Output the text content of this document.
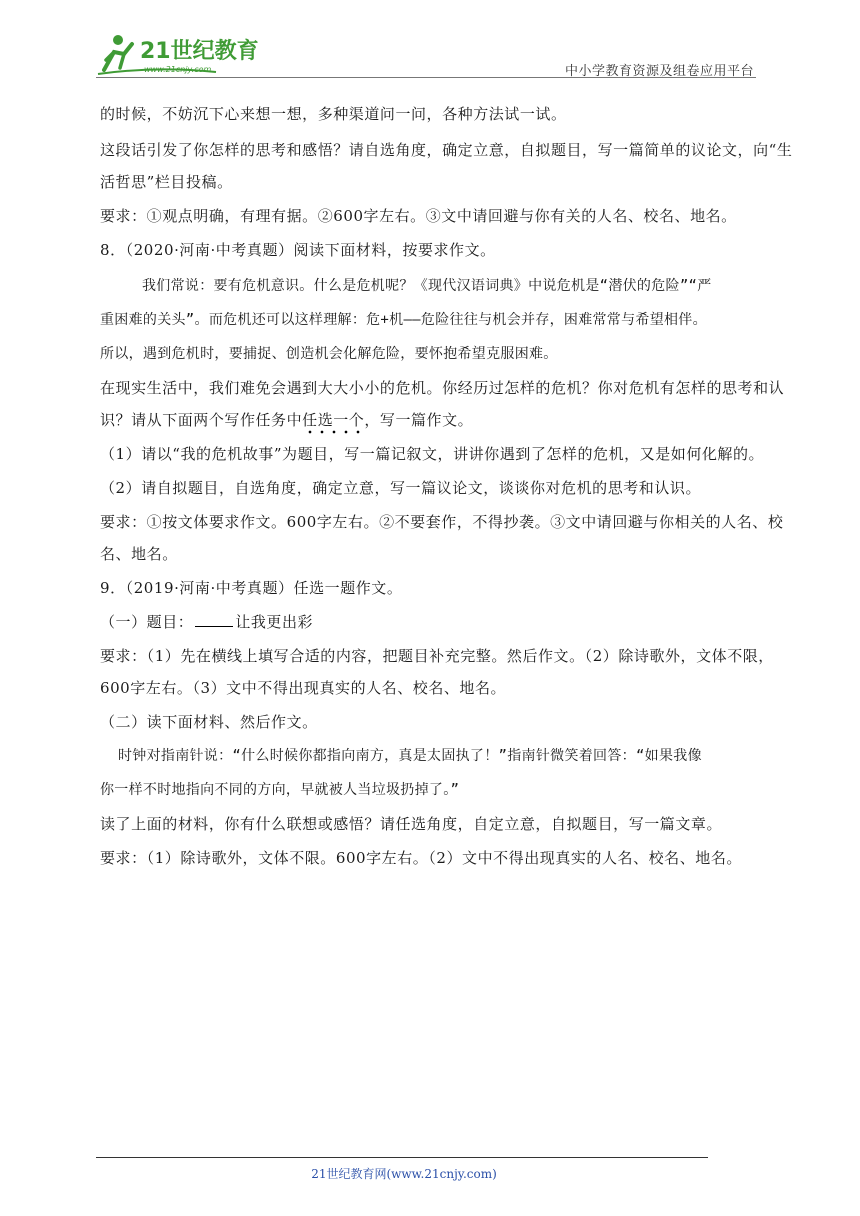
21世纪教育
www.21cnjy.com	中小学教育资源及组卷应用平台
的时候，不妨沉下心来想一想，多种渠道问一问，各种方法试一试。
这段话引发了你怎样的思考和感悟？请自选角度，确定立意，自拟题目，写一篇简单的议论文，向“生
活哲思”栏目投稿。
要求：①观点明确，有理有据。②600字左右。③文中请回避与你有关的人名、校名、地名。
8．（2020·河南·中考真题）阅读下面材料，按要求作文。
我们常说：要有危机意识。什么是危机呢？《现代汉语词典》中说危机是“潜伏的危险”“严
重困难的关头”。而危机还可以这样理解：危+机——危险往往与机会并存，困难常常与希望相伴。
所以，遇到危机时，要捕捉、创造机会化解危险，要怀抱希望克服困难。
在现实生活中，我们难免会遇到大大小小的危机。你经历过怎样的危机？你对危机有怎样的思考和认
识？请从下面两个写作任务中任选一个，写一篇作文。
（1）请以“我的危机故事”为题目，写一篇记叙文，讲讲你遇到了怎样的危机，又是如何化解的。
（2）请自拟题目，自选角度，确定立意，写一篇议论文，谈谈你对危机的思考和认识。
要求：①按文体要求作文。600字左右。②不要套作，不得抄袭。③文中请回避与你相关的人名、校
名、地名。
9．（2019·河南·中考真题）任选一题作文。
（一）题目：	让我更出彩
要求：（1）先在横线上填写合适的内容，把题目补充完整。然后作文。（2）除诗歌外，文体不限，
600字左右。（3）文中不得出现真实的人名、校名、地名。
（二）读下面材料、然后作文。
时钟对指南针说：“什么时候你都指向南方，真是太固执了！”指南针微笑着回答：“如果我像
你一样不时地指向不同的方向，早就被人当垃圾扔掉了。”
读了上面的材料，你有什么联想或感悟？请任选角度，自定立意，自拟题目，写一篇文章。
要求：（1）除诗歌外，文体不限。600字左右。（2）文中不得出现真实的人名、校名、地名。
21世纪教育网(www.21cnjy.com)
